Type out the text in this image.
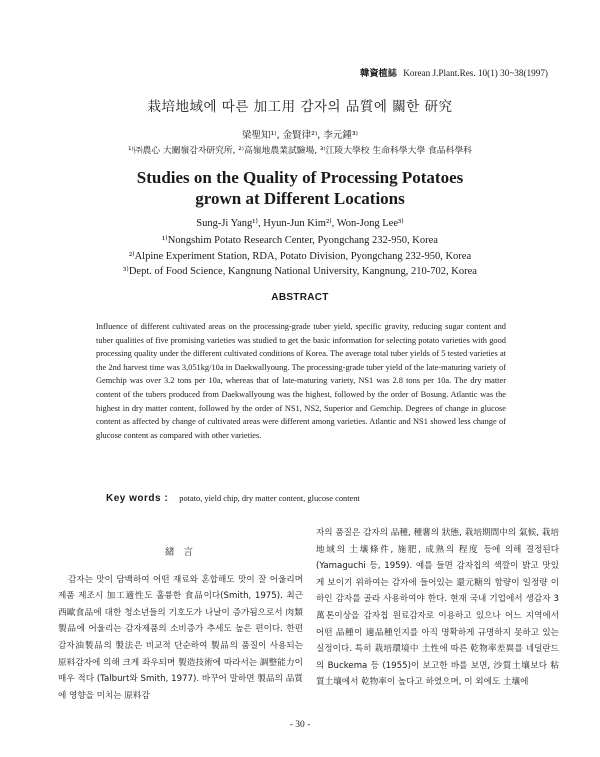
韓資植誌 Korean J.Plant.Res. 10(1) 30~38(1997)
栽培地域에 따른 加工用 감자의 品質에 關한 研究
梁聖知¹⁾, 金賢律²⁾, 李元鍾³⁾
¹⁾㈜農心 大關嶺감자研究所, ²⁾高嶺地農業試驗場, ³⁾江陵大學校 生命科學大學 食品科學科
Studies on the Quality of Processing Potatoes
grown at Different Locations
Sung-Ji Yang¹⁾, Hyun-Jun Kim²⁾, Won-Jong Lee³⁾
¹⁾Nongshim Potato Research Center, Pyongchang 232-950, Korea
²⁾Alpine Experiment Station, RDA, Potato Division, Pyongchang 232-950, Korea
³⁾Dept. of Food Science, Kangnung National University, Kangnung, 210-702, Korea
ABSTRACT
Influence of different cultivated areas on the processing-grade tuber yield, specific gravity, reducing sugar content and tuber qualities of five promising varieties was studied to get the basic information for selecting potato varieties with good processing quality under the different cultivated conditions of Korea. The average total tuber yields of 5 tested varieties at the 2nd harvest time was 3,051kg/10a in Daekwallyoung. The processing-grade tuber yield of the late-maturing variety of Gemchip was over 3.2 tons per 10a, whereas that of late-maturing variety, NS1 was 2.8 tons per 10a. The dry matter content of the tubers produced from Daekwallyoung was the highest, followed by the order of Bosung. Atlantic was the highest in dry matter content, followed by the order of NS1, NS2, Superior and Gemchip. Degrees of change in glucose content as affected by change of cultivated areas were different among varieties. Atlantic and NS1 showed less change of glucose content as compared with other varieties.
Key words : potato, yield chip, dry matter content, glucose content
緒 言
감자는 맛이 담백하여 어떤 재료와 혼합해도 맛이 잘 어울리며 제품 제조시 加工適性도 훌륭한 食品이다(Smith, 1975). 최근 西歐食品에 대한 청소년들의 기호도가 나날이 증가됨으로서 肉類製品에 어울리는 감자제품의 소비증가 추세도 높은 편이다. 한편 감자油製品의 製法은 비교적 단순하여 製品의 품질이 사용되는 原料감자에 의해 크게 좌우되며 製造技術에 따라서는 調整能力이 매우 적다 (Talburt와 Smith, 1977). 바꾸어 말하면 製品의 品質에 영향을 미치는 原料감
자의 품질은 감자의 品種, 種薯의 狀態, 栽培期間中의 氣候, 栽培地域의 土壤條件, 施肥, 成熟의 程度 등에 의해 결정된다(Yamaguchi 등, 1959). 예를 들면 감자칩의 색깔이 밝고 맛있게 보이기 위하여는 감자에 들어있는 還元糖의 함량이 일정량 이하인 감자를 골라 사용하여야 한다. 현재 국내 기업에서 생감자 3萬톤이상을 감자칩 원료감자로 이용하고 있으나 어느 지역에서 어떤 品種이 適品種인지를 아직 명확하게 규명하지 못하고 있는 실정이다. 특히 栽培環境中 土性에 따른 乾物率差異를 네덜란드의 Buckema 등 (1955)이 보고한 바를 보면, 沙質土壤보다 粘質土壤에서 乾物率이 높다고 하였으며, 이 외에도 土壤에
- 30 -
